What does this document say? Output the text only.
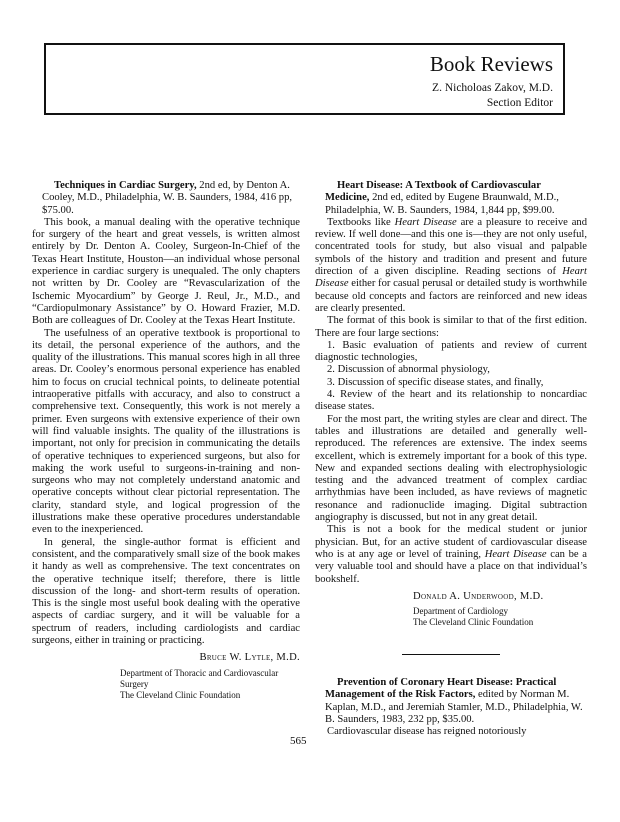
Book Reviews
Z. Nicholoas Zakov, M.D.
Section Editor

Techniques in Cardiac Surgery, 2nd ed, by Denton A. Cooley, M.D., Philadelphia, W. B. Saunders, 1984, 416 pp, $75.00.

This book, a manual dealing with the operative technique for surgery of the heart and great vessels, is written almost entirely by Dr. Denton A. Cooley, Surgeon-In-Chief of the Texas Heart Institute, Houston—an individual whose personal experience in cardiac surgery is unequaled. The only chapters not written by Dr. Cooley are “Revascularization of the Ischemic Myocardium” by George J. Reul, Jr., M.D., and “Cardiopulmonary Assistance” by O. Howard Frazier, M.D. Both are colleagues of Dr. Cooley at the Texas Heart Institute.

The usefulness of an operative textbook is proportional to its detail, the personal experience of the authors, and the quality of the illustrations. This manual scores high in all three areas. Dr. Cooley’s enormous personal experience has enabled him to focus on crucial technical points, to delineate potential intraoperative pitfalls with accuracy, and also to construct a comprehensive text. Consequently, this work is not merely a primer. Even surgeons with extensive experience of their own will find valuable insights. The quality of the illustrations is important, not only for precision in communicating the details of operative techniques to experienced surgeons, but also for making the work useful to surgeons-in-training and non-surgeons who may not completely understand anatomic and operative concepts without clear pictorial representation. The clarity, standard style, and logical progression of the illustrations make these operative procedures understandable even to the inexperienced.

In general, the single-author format is efficient and consistent, and the comparatively small size of the book makes it handy as well as comprehensive. The text concentrates on the operative technique itself; therefore, there is little discussion of the long- and short-term results of operation. This is the single most useful book dealing with the operative aspects of cardiac surgery, and it will be valuable for a spectrum of readers, including cardiologists and cardiac surgeons, either in training or practicing.

Bruce W. Lytle, M.D.
Department of Thoracic and Cardiovascular Surgery
The Cleveland Clinic Foundation

Heart Disease: A Textbook of Cardiovascular Medicine, 2nd ed, edited by Eugene Braunwald, M.D., Philadelphia, W. B. Saunders, 1984, 1,844 pp, $99.00.

Textbooks like Heart Disease are a pleasure to receive and review. If well done—and this one is—they are not only useful, concentrated tools for study, but also visual and palpable symbols of the history and tradition and present and future direction of a given discipline. Reading sections of Heart Disease either for casual perusal or detailed study is worthwhile because old concepts and factors are reinforced and new ideas are clearly presented.

The format of this book is similar to that of the first edition. There are four large sections:

1. Basic evaluation of patients and review of current diagnostic technologies,

2. Discussion of abnormal physiology,

3. Discussion of specific disease states, and finally,

4. Review of the heart and its relationship to noncardiac disease states.

For the most part, the writing styles are clear and direct. The tables and illustrations are detailed and generally well-reproduced. The references are extensive. The index seems excellent, which is extremely important for a book of this type. New and expanded sections dealing with electrophysiologic testing and the advanced treatment of complex cardiac arrhythmias have been included, as have reviews of magnetic resonance and radionuclide imaging. Digital subtraction angiography is discussed, but not in any great detail.

This is not a book for the medical student or junior physician. But, for an active student of cardiovascular disease who is at any age or level of training, Heart Disease can be a very valuable tool and should have a place on that individual’s bookshelf.

Donald A. Underwood, M.D.
Department of Cardiology
The Cleveland Clinic Foundation

Prevention of Coronary Heart Disease: Practical Management of the Risk Factors, edited by Norman M. Kaplan, M.D., and Jeremiah Stamler, M.D., Philadelphia, W. B. Saunders, 1983, 232 pp, $35.00.

Cardiovascular disease has reigned notoriously

565
